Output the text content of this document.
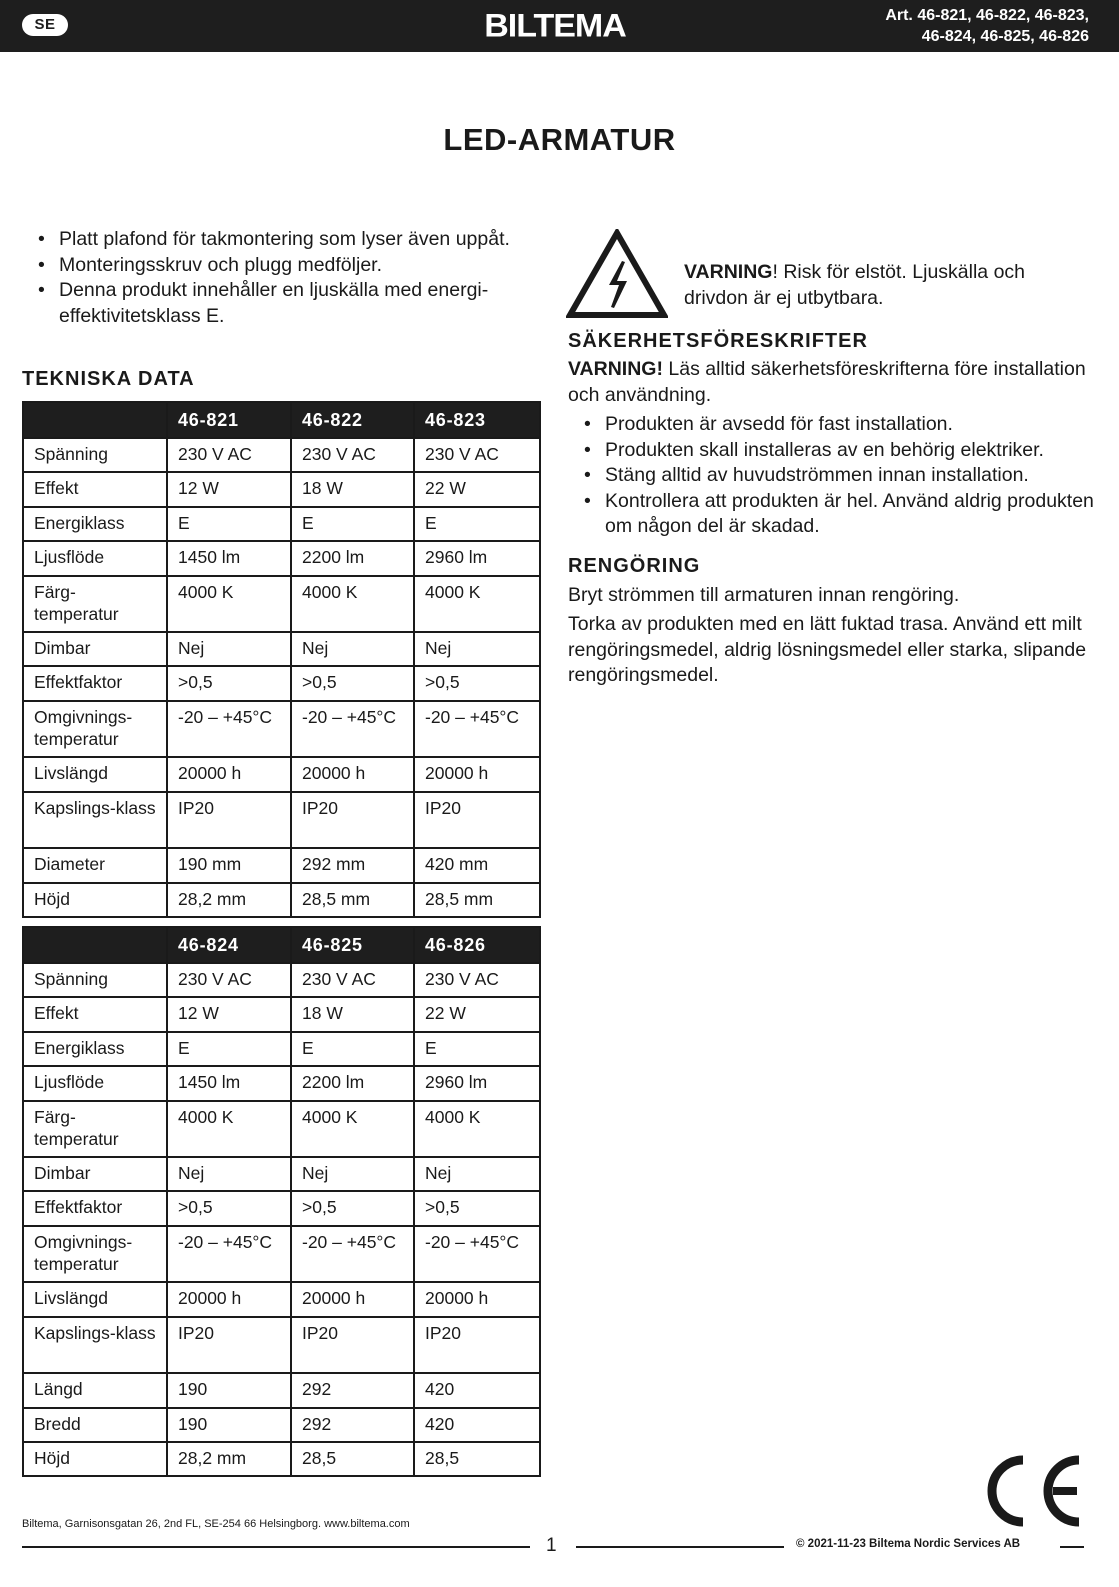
SE	BILTEMA	Art. 46-821, 46-822, 46-823,
46-824, 46-825, 46-826
LED-ARMATUR
• Platt plafond för takmontering som lyser även uppåt.
• Monteringsskruv och plugg medföljer.
• Denna produkt innehåller en ljuskälla med energi-effektivitetsklass E.
TEKNISKA DATA
	46-821	46-822	46-823
Spänning	230 V AC	230 V AC	230 V AC
Effekt	12 W	18 W	22 W
Energiklass	E	E	E
Ljusflöde	1450 lm	2200 lm	2960 lm
Färg-temperatur	4000 K	4000 K	4000 K
Dimbar	Nej	Nej	Nej
Effektfaktor	>0,5	>0,5	>0,5
Omgivnings-temperatur	-20 – +45°C	-20 – +45°C	-20 – +45°C
Livslängd	20000 h	20000 h	20000 h
Kapslings-klass	IP20	IP20	IP20
Diameter	190 mm	292 mm	420 mm
Höjd	28,2 mm	28,5 mm	28,5 mm
	46-824	46-825	46-826
Spänning	230 V AC	230 V AC	230 V AC
Effekt	12 W	18 W	22 W
Energiklass	E	E	E
Ljusflöde	1450 lm	2200 lm	2960 lm
Färg-temperatur	4000 K	4000 K	4000 K
Dimbar	Nej	Nej	Nej
Effektfaktor	>0,5	>0,5	>0,5
Omgivnings-temperatur	-20 – +45°C	-20 – +45°C	-20 – +45°C
Livslängd	20000 h	20000 h	20000 h
Kapslings-klass	IP20	IP20	IP20
Längd	190	292	420
Bredd	190	292	420
Höjd	28,2 mm	28,5	28,5
VARNING! Risk för elstöt. Ljuskälla och drivdon är ej utbytbara.
SÄKERHETSFÖRESKRIFTER
VARNING! Läs alltid säkerhetsföreskrifterna före installation och användning.
• Produkten är avsedd för fast installation.
• Produkten skall installeras av en behörig elektriker.
• Stäng alltid av huvudströmmen innan installation.
• Kontrollera att produkten är hel. Använd aldrig produkten om någon del är skadad.
RENGÖRING
Bryt strömmen till armaturen innan rengöring.
Torka av produkten med en lätt fuktad trasa. Använd ett milt rengöringsmedel, aldrig lösningsmedel eller starka, slipande rengöringsmedel.
Biltema, Garnisonsgatan 26, 2nd FL, SE-254 66 Helsingborg. www.biltema.com
1	© 2021-11-23 Biltema Nordic Services AB
